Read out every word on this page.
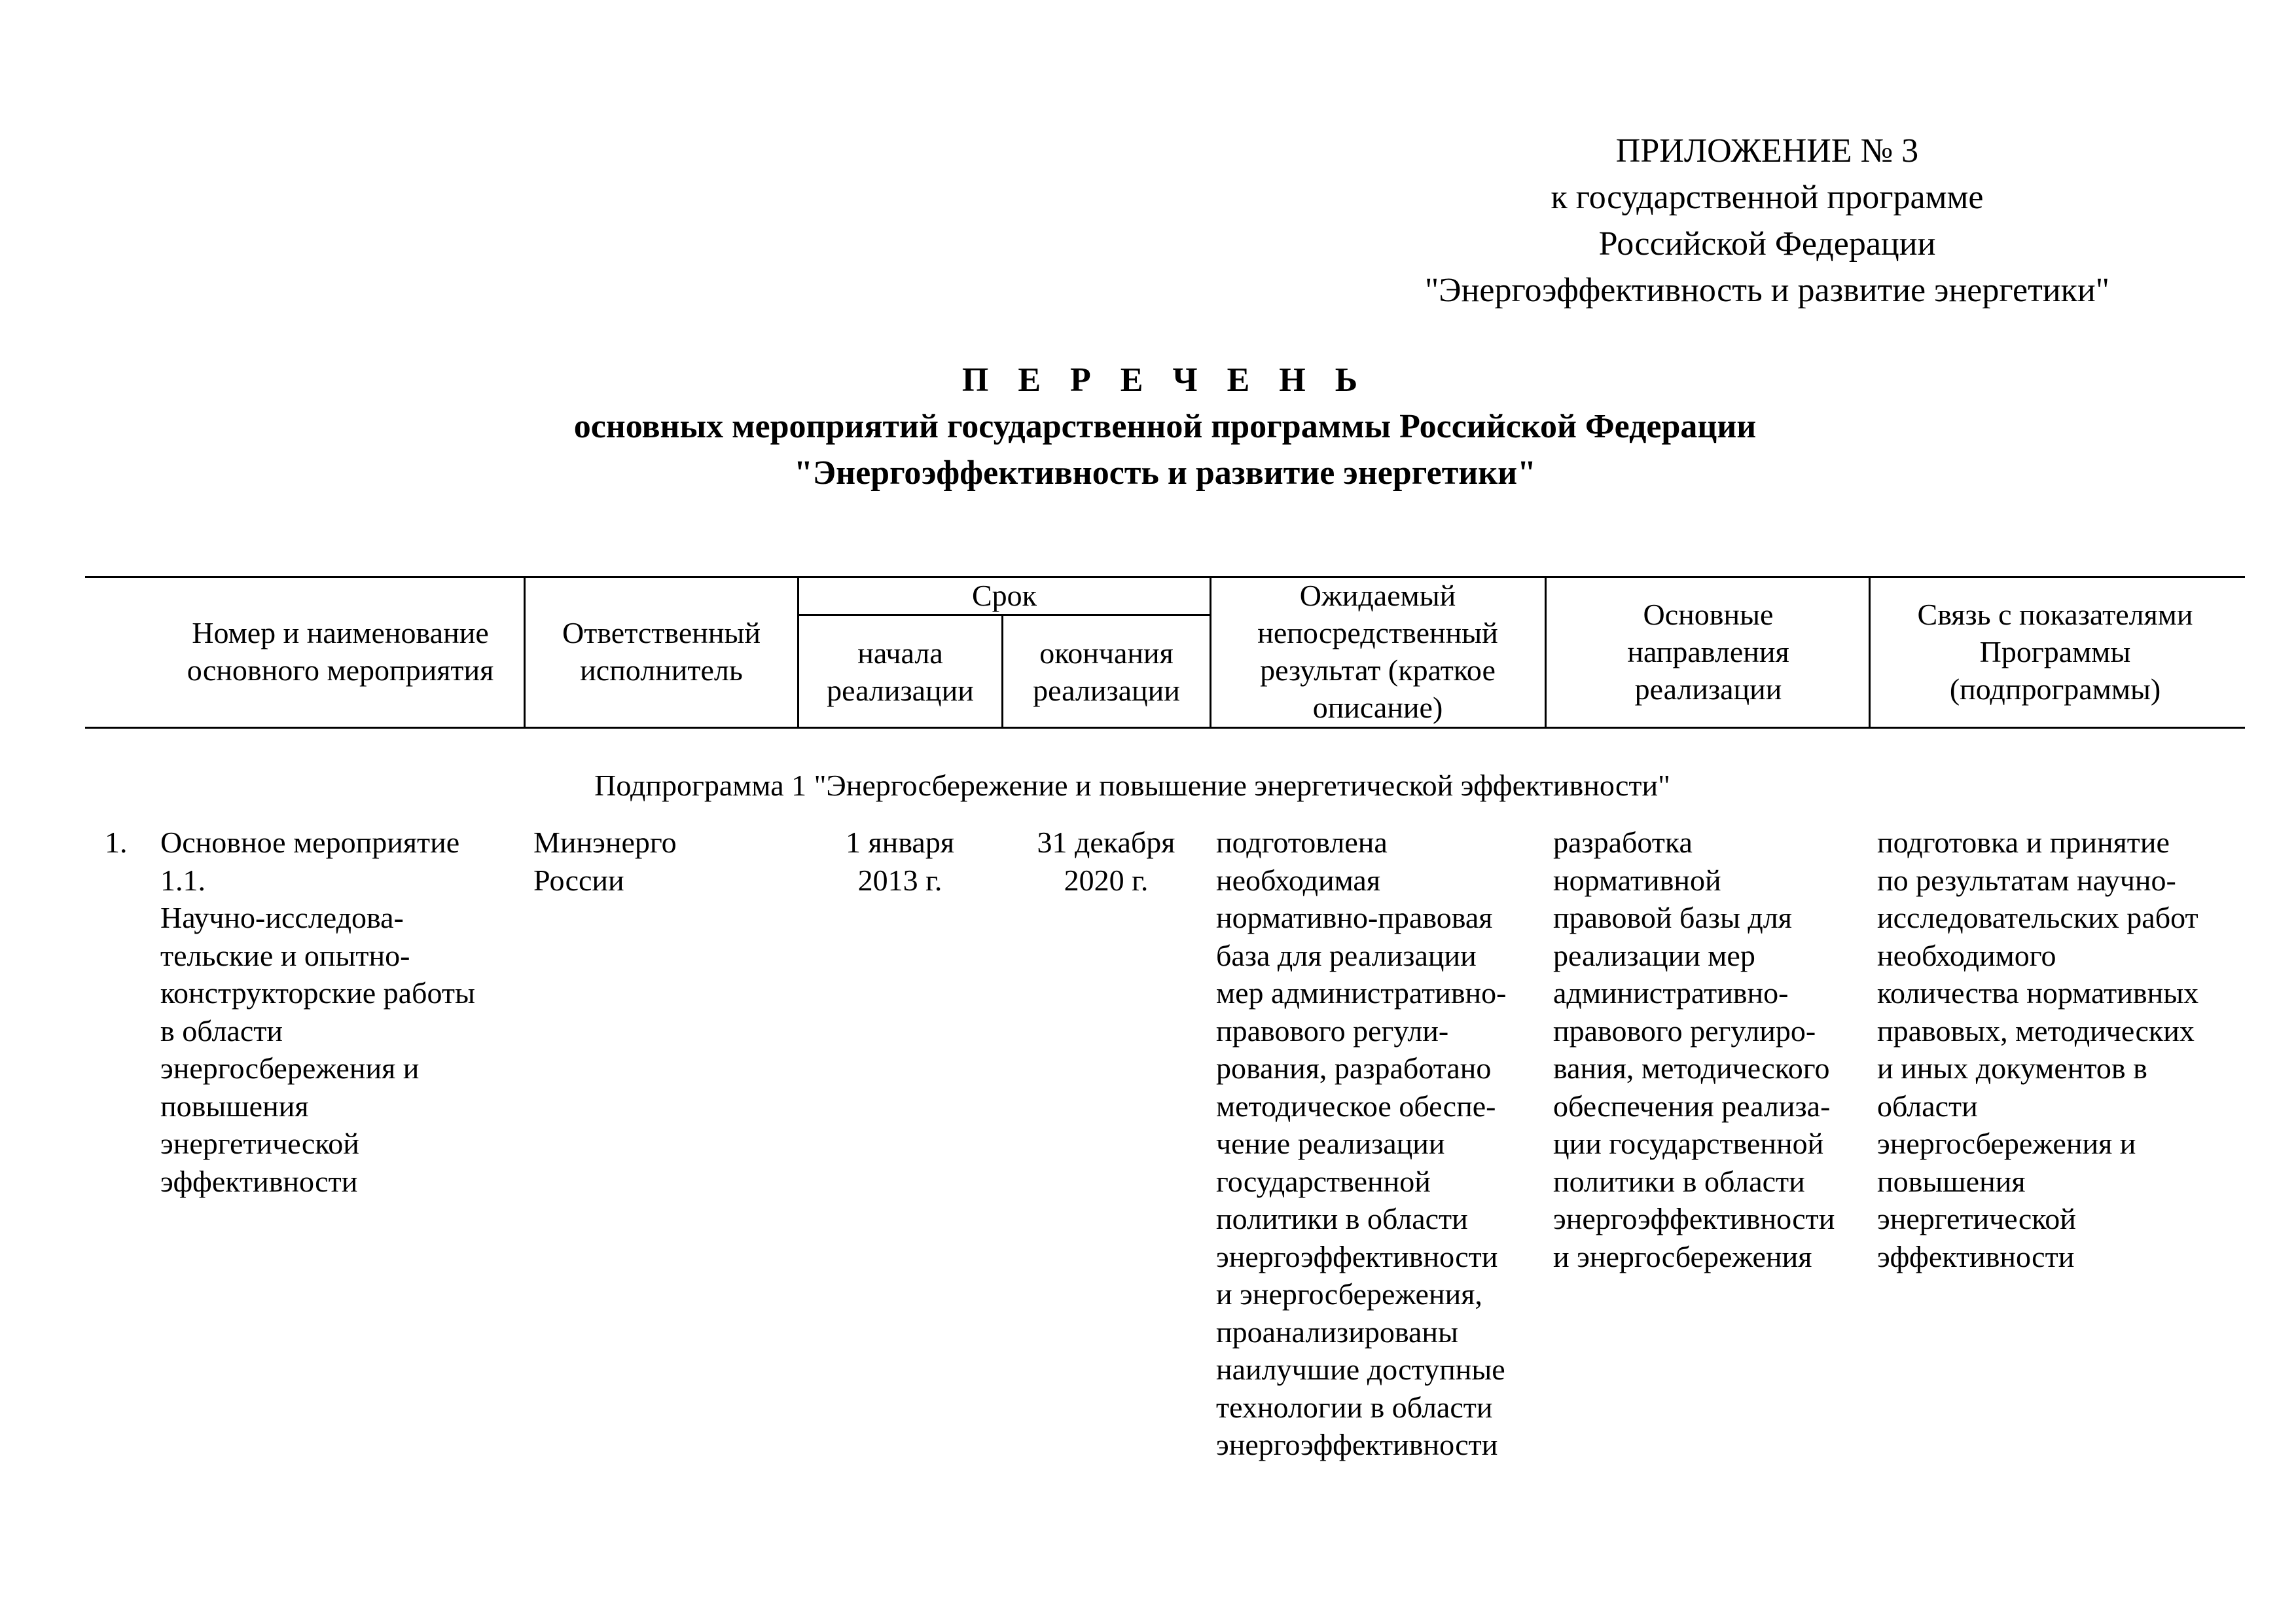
ПРИЛОЖЕНИЕ № 3
к государственной программе
Российской Федерации
"Энергоэффективность и развитие энергетики"
П Е Р Е Ч Е Н Ь
основных мероприятий государственной программы Российской Федерации
"Энергоэффективность и развитие энергетики"
Номер и наименование основного мероприятия
Ответственный исполнитель
Срок
начала реализации
окончания реализации
Ожидаемый непосредственный результат (краткое описание)
Основные направления реализации
Связь с показателями Программы (подпрограммы)
Подпрограмма 1 "Энергосбережение и повышение энергетической эффективности"
1. Основное мероприятие
1.1.
Научно-исследова-
тельские и опытно-
конструкторские работы
в области
энергосбережения и
повышения
энергетической
эффективности
Минэнерго
России
1 января
2013 г.
31 декабря
2020 г.
подготовлена
необходимая
нормативно-правовая
база для реализации
мер административно-
правового регули-
рования, разработано
методическое обеспе-
чение реализации
государственной
политики в области
энергоэффективности
и энергосбережения,
проанализированы
наилучшие доступные
технологии в области
энергоэффективности
разработка
нормативной
правовой базы для
реализации мер
административно-
правового регулиро-
вания, методического
обеспечения реализа-
ции государственной
политики в области
энергоэффективности
и энергосбережения
подготовка и принятие
по результатам научно-
исследовательских работ
необходимого
количества нормативных
правовых, методических
и иных документов в
области
энергосбережения и
повышения
энергетической
эффективности
